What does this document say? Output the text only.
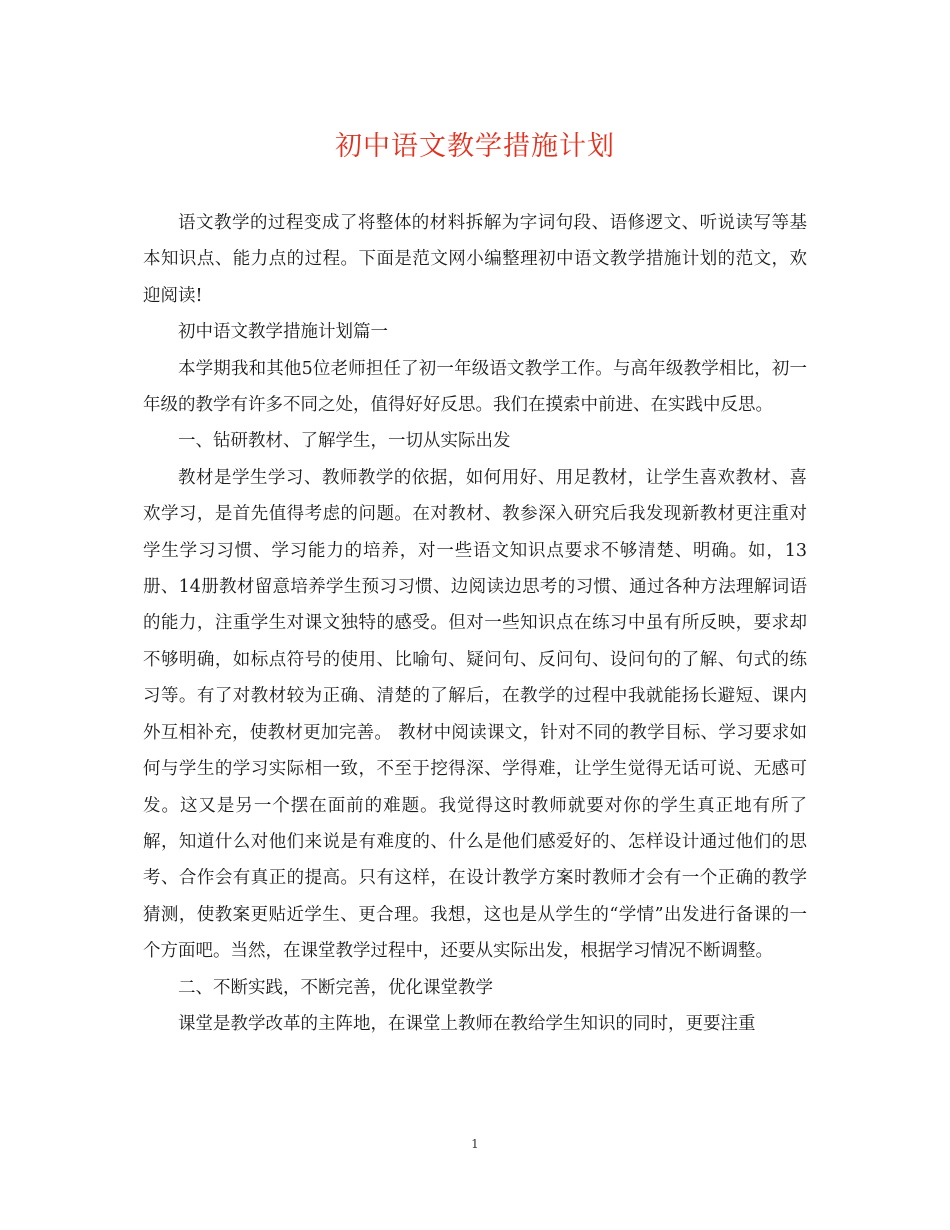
初中语文教学措施计划

语文教学的过程变成了将整体的材料拆解为字词句段、语修逻文、听说读写等基本知识点、能力点的过程。下面是范文网小编整理初中语文教学措施计划的范文，欢迎阅读!

初中语文教学措施计划篇一

本学期我和其他5位老师担任了初一年级语文教学工作。与高年级教学相比，初一年级的教学有许多不同之处，值得好好反思。我们在摸索中前进、在实践中反思。

一、钻研教材、了解学生，一切从实际出发

教材是学生学习、教师教学的依据，如何用好、用足教材，让学生喜欢教材、喜欢学习，是首先值得考虑的问题。在对教材、教参深入研究后我发现新教材更注重对学生学习习惯、学习能力的培养，对一些语文知识点要求不够清楚、明确。如，13册、14册教材留意培养学生预习习惯、边阅读边思考的习惯、通过各种方法理解词语的能力，注重学生对课文独特的感受。但对一些知识点在练习中虽有所反映，要求却不够明确，如标点符号的使用、比喻句、疑问句、反问句、设问句的了解、句式的练习等。有了对教材较为正确、清楚的了解后，在教学的过程中我就能扬长避短、课内外互相补充，使教材更加完善。 教材中阅读课文，针对不同的教学目标、学习要求如何与学生的学习实际相一致，不至于挖得深、学得难，让学生觉得无话可说、无感可发。这又是另一个摆在面前的难题。我觉得这时教师就要对你的学生真正地有所了解，知道什么对他们来说是有难度的、什么是他们感爱好的、怎样设计通过他们的思考、合作会有真正的提高。只有这样，在设计教学方案时教师才会有一个正确的教学猜测，使教案更贴近学生、更合理。我想，这也是从学生的“学情”出发进行备课的一个方面吧。当然，在课堂教学过程中，还要从实际出发，根据学习情况不断调整。

二、不断实践，不断完善，优化课堂教学

课堂是教学改革的主阵地，在课堂上教师在教给学生知识的同时，更要注重

1
